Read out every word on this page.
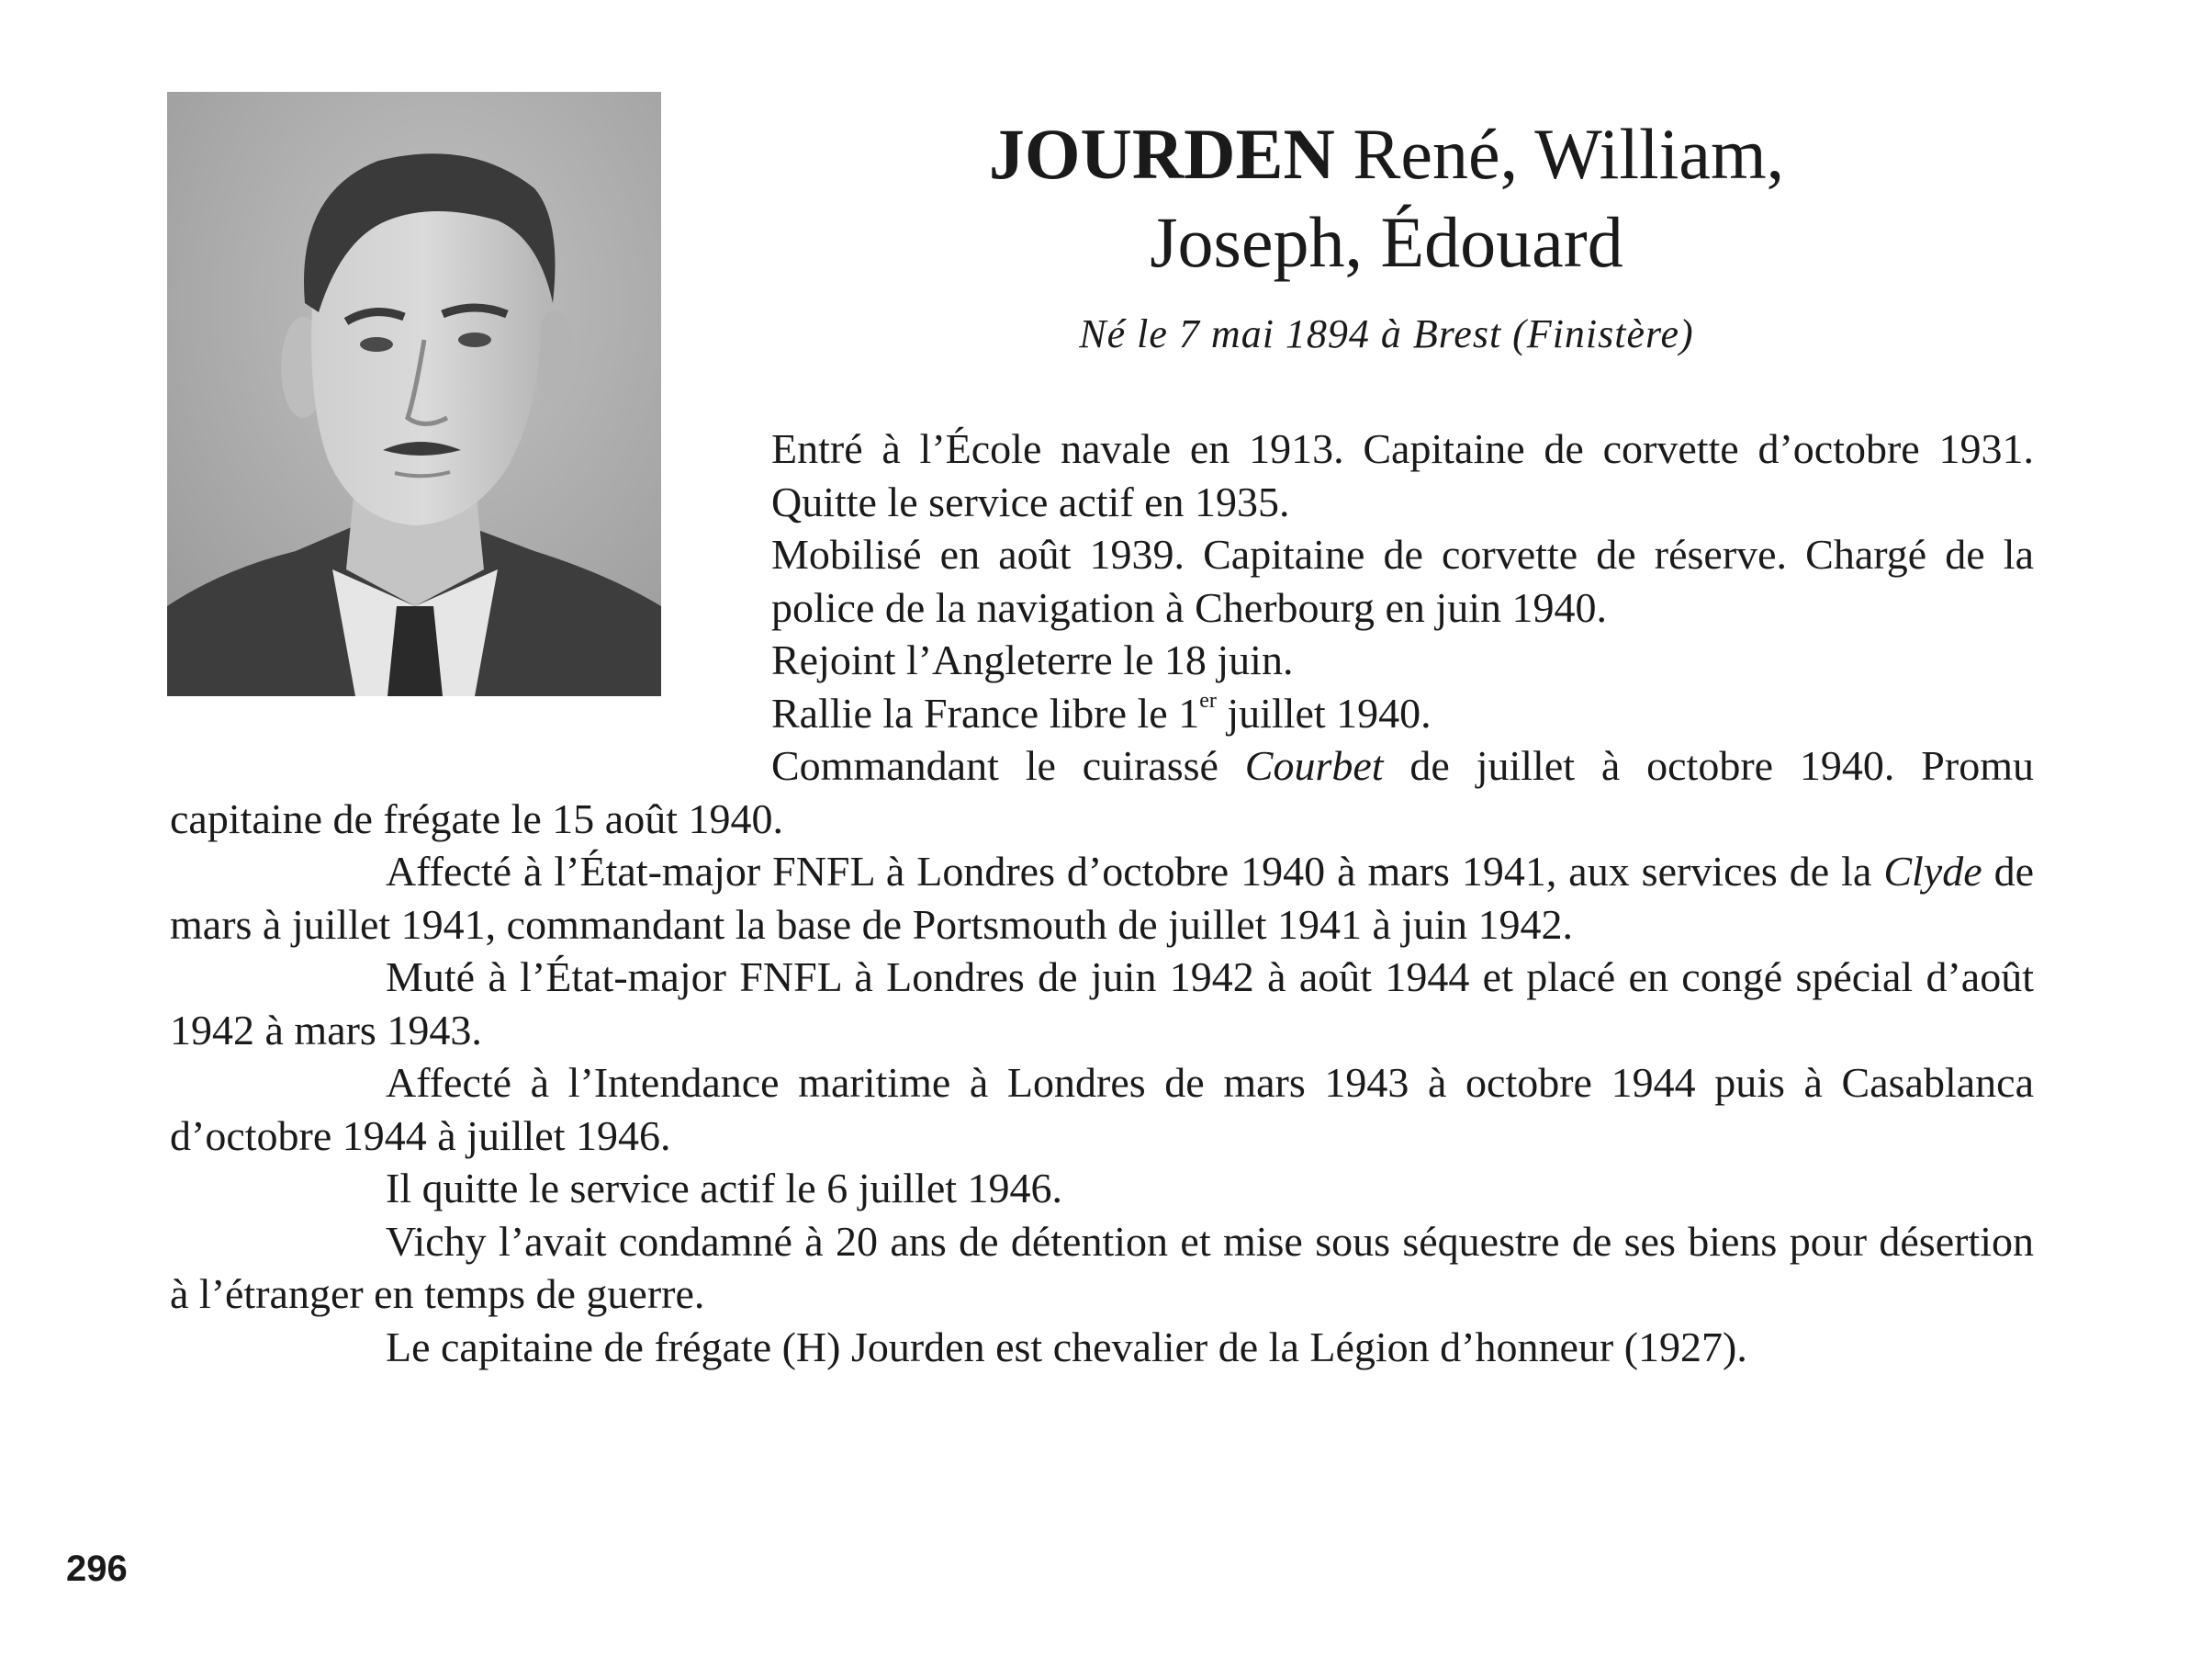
JOURDEN René, William,
Joseph, Édouard
Né le 7 mai 1894 à Brest (Finistère)

Entré à l’École navale en 1913. Capitaine de corvette d’octobre 1931. Quitte le service actif en 1935.

Mobilisé en août 1939. Capitaine de corvette de réserve. Chargé de la police de la navigation à Cherbourg en juin 1940.

Rejoint l’Angleterre le 18 juin.

Rallie la France libre le 1er juillet 1940.

Commandant le cuirassé Courbet de juillet à octobre 1940. Promu capitaine de frégate le 15 août 1940.

Affecté à l’État-major FNFL à Londres d’octobre 1940 à mars 1941, aux services de la Clyde de mars à juillet 1941, commandant la base de Portsmouth de juillet 1941 à juin 1942.

Muté à l’État-major FNFL à Londres de juin 1942 à août 1944 et placé en congé spécial d’août 1942 à mars 1943.

Affecté à l’Intendance maritime à Londres de mars 1943 à octobre 1944 puis à Casablanca d’octobre 1944 à juillet 1946.

Il quitte le service actif le 6 juillet 1946.

Vichy l’avait condamné à 20 ans de détention et mise sous séquestre de ses biens pour désertion à l’étranger en temps de guerre.

Le capitaine de frégate (H) Jourden est chevalier de la Légion d’honneur (1927).

296
